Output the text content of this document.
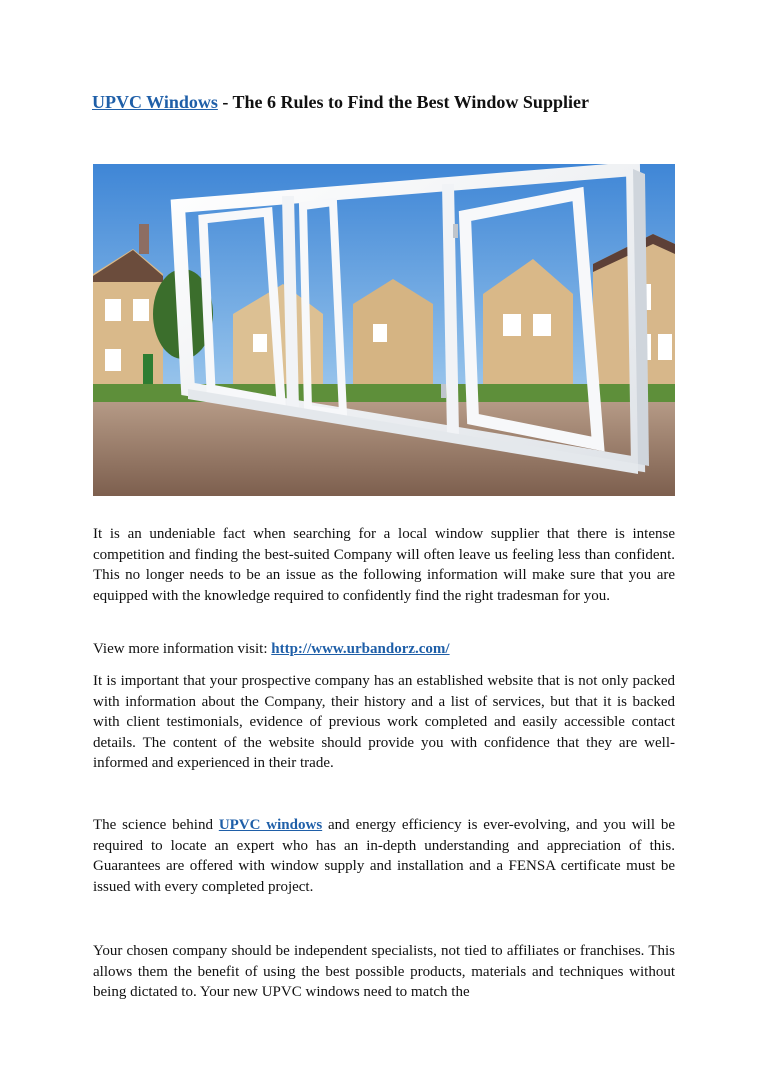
UPVC Windows - The 6 Rules to Find the Best Window Supplier

It is an undeniable fact when searching for a local window supplier that there is intense competition and finding the best-suited Company will often leave us feeling less than confident. This no longer needs to be an issue as the following information will make sure that you are equipped with the knowledge required to confidently find the right tradesman for you.

View more information visit: http://www.urbandorz.com/

It is important that your prospective company has an established website that is not only packed with information about the Company, their history and a list of services, but that it is backed with client testimonials, evidence of previous work completed and easily accessible contact details. The content of the website should provide you with confidence that they are well-informed and experienced in their trade.

The science behind UPVC windows and energy efficiency is ever-evolving, and you will be required to locate an expert who has an in-depth understanding and appreciation of this. Guarantees are offered with window supply and installation and a FENSA certificate must be issued with every completed project.

Your chosen company should be independent specialists, not tied to affiliates or franchises. This allows them the benefit of using the best possible products, materials and techniques without being dictated to. Your new UPVC windows need to match the
